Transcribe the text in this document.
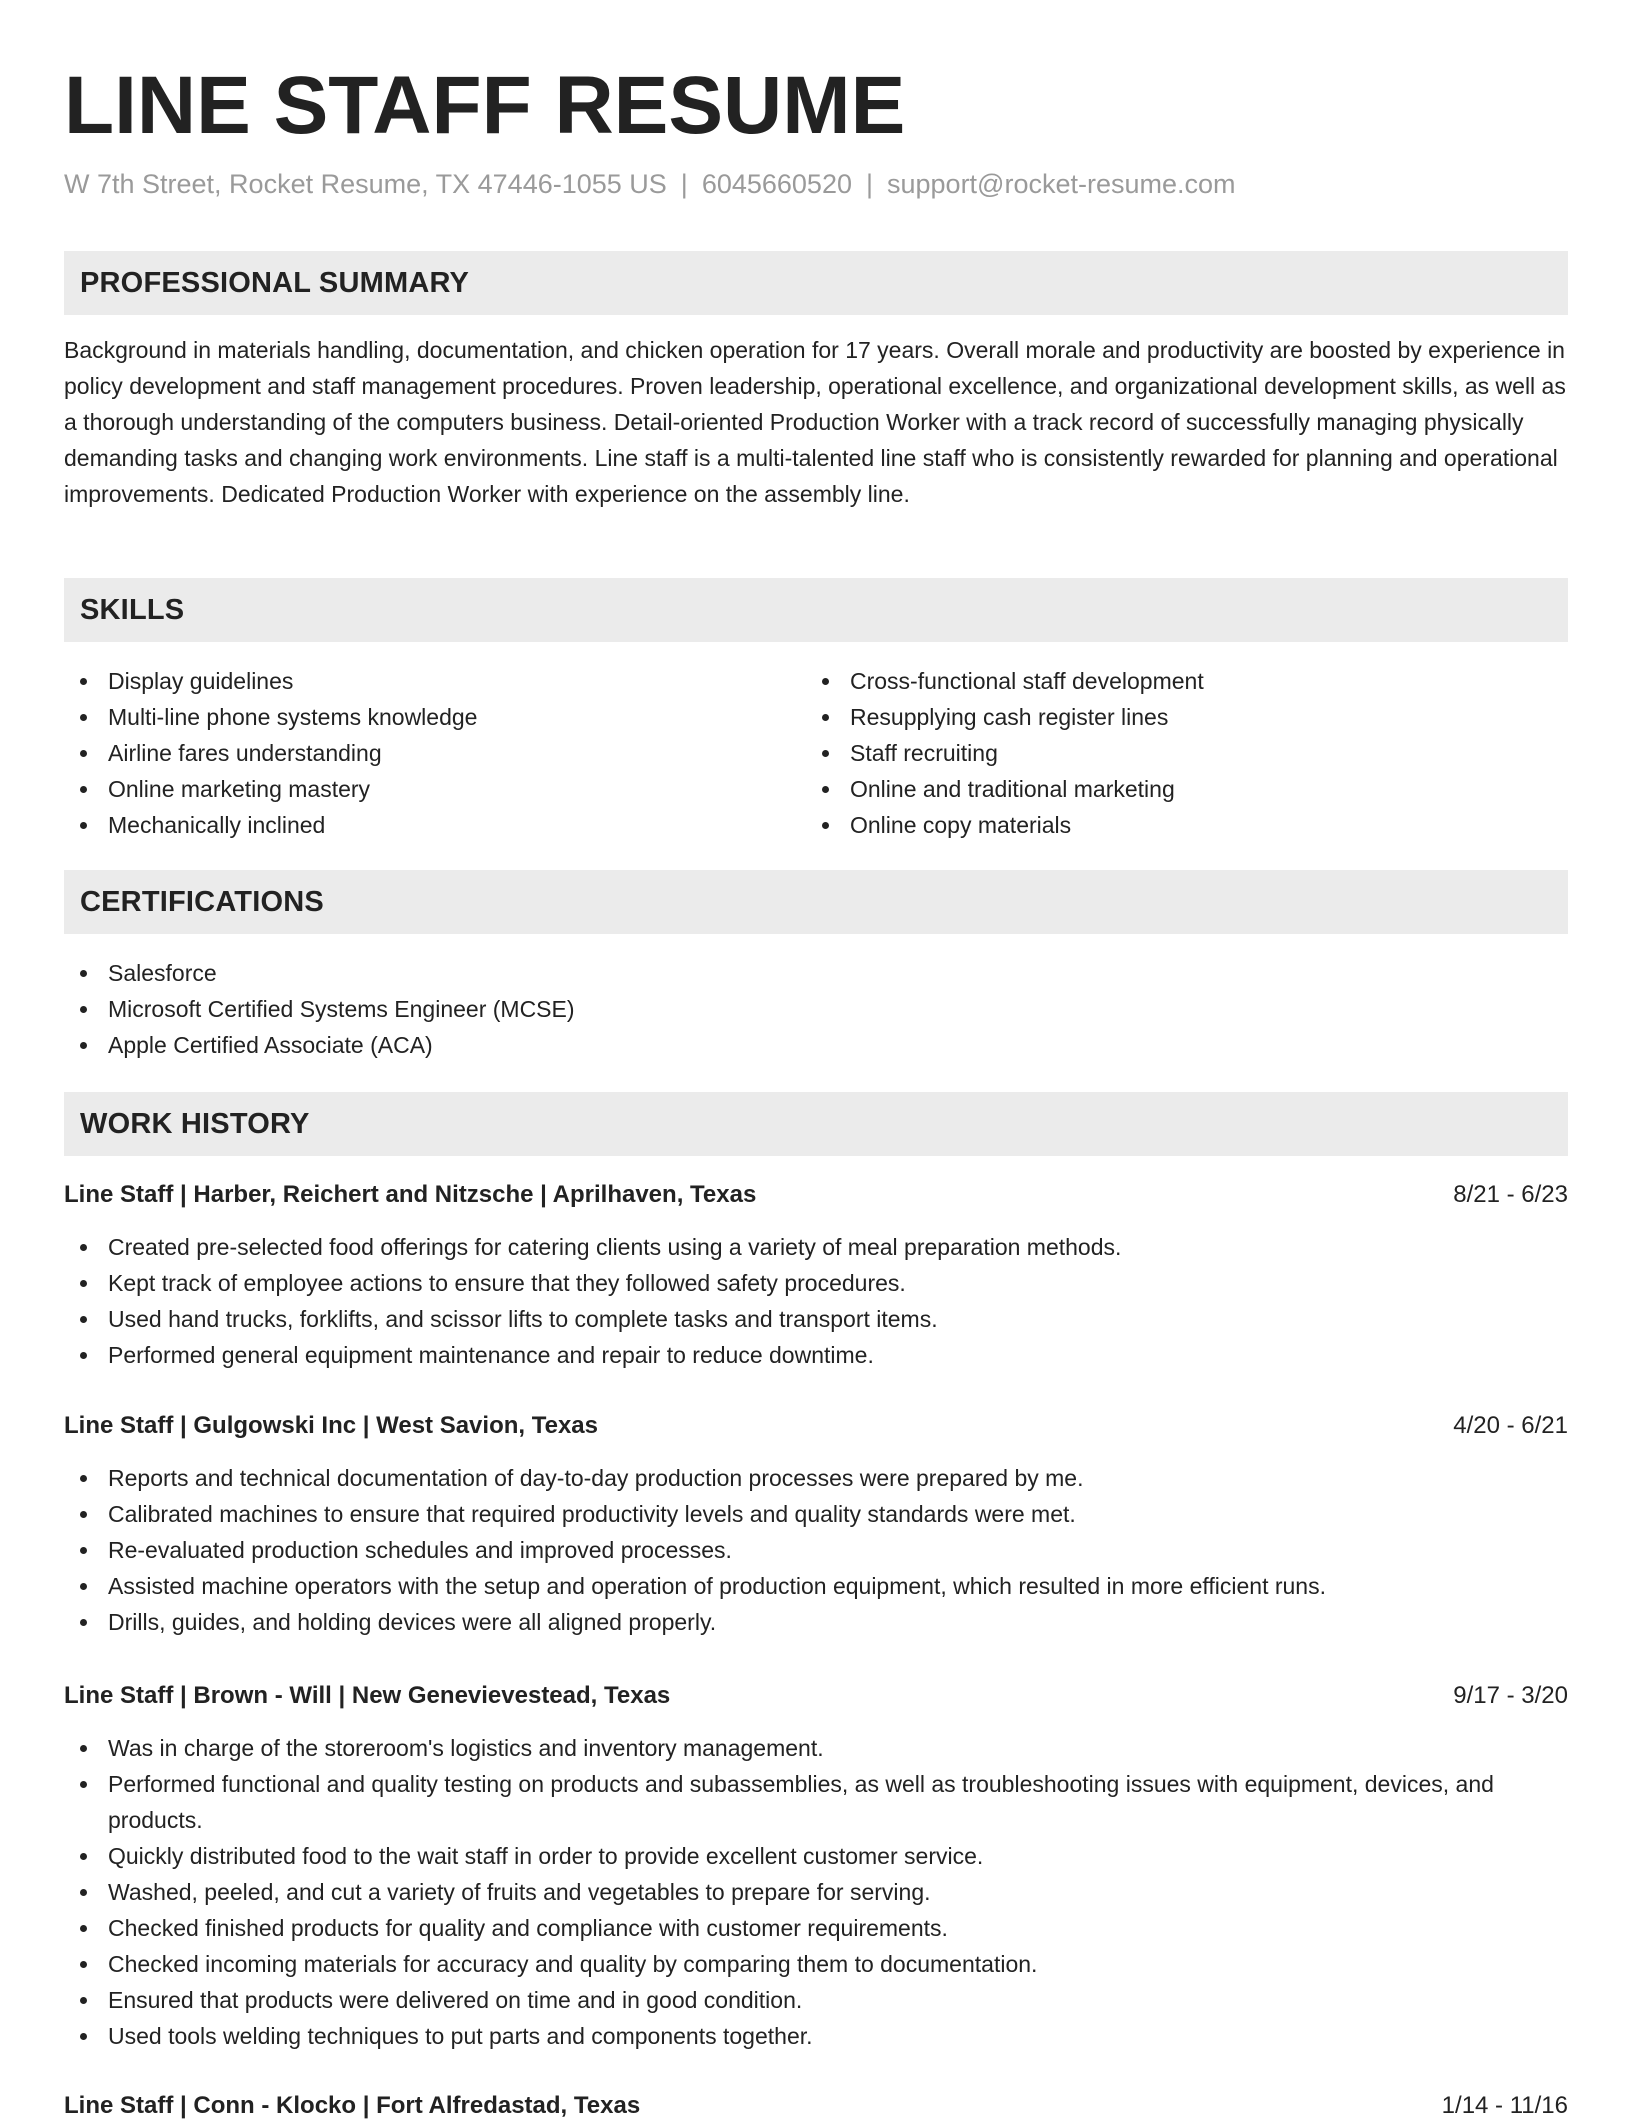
LINE STAFF RESUME
W 7th Street, Rocket Resume, TX 47446-1055 US | 6045660520 | support@rocket-resume.com
PROFESSIONAL SUMMARY

Background in materials handling, documentation, and chicken operation for 17 years. Overall morale and productivity are boosted by experience in policy development and staff management procedures. Proven leadership, operational excellence, and organizational development skills, as well as a thorough understanding of the computers business. Detail-oriented Production Worker with a track record of successfully managing physically demanding tasks and changing work environments. Line staff is a multi-talented line staff who is consistently rewarded for planning and operational improvements. Dedicated Production Worker with experience on the assembly line.

SKILLS
Display guidelines
Multi-line phone systems knowledge
Airline fares understanding
Online marketing mastery
Mechanically inclined
Cross-functional staff development
Resupplying cash register lines
Staff recruiting
Online and traditional marketing
Online copy materials
CERTIFICATIONS
Salesforce
Microsoft Certified Systems Engineer (MCSE)
Apple Certified Associate (ACA)
WORK HISTORY
Line Staff | Harber, Reichert and Nitzsche | Aprilhaven, Texas	8/21 - 6/23
Created pre-selected food offerings for catering clients using a variety of meal preparation methods.
Kept track of employee actions to ensure that they followed safety procedures.
Used hand trucks, forklifts, and scissor lifts to complete tasks and transport items.
Performed general equipment maintenance and repair to reduce downtime.
Line Staff | Gulgowski Inc | West Savion, Texas	4/20 - 6/21
Reports and technical documentation of day-to-day production processes were prepared by me.
Calibrated machines to ensure that required productivity levels and quality standards were met.
Re-evaluated production schedules and improved processes.
Assisted machine operators with the setup and operation of production equipment, which resulted in more efficient runs.
Drills, guides, and holding devices were all aligned properly.
Line Staff | Brown - Will | New Genevievestead, Texas	9/17 - 3/20
Was in charge of the storeroom's logistics and inventory management.
Performed functional and quality testing on products and subassemblies, as well as troubleshooting issues with equipment, devices, and products.
Quickly distributed food to the wait staff in order to provide excellent customer service.
Washed, peeled, and cut a variety of fruits and vegetables to prepare for serving.
Checked finished products for quality and compliance with customer requirements.
Checked incoming materials for accuracy and quality by comparing them to documentation.
Ensured that products were delivered on time and in good condition.
Used tools welding techniques to put parts and components together.
Line Staff | Conn - Klocko | Fort Alfredastad, Texas	1/14 - 11/16
